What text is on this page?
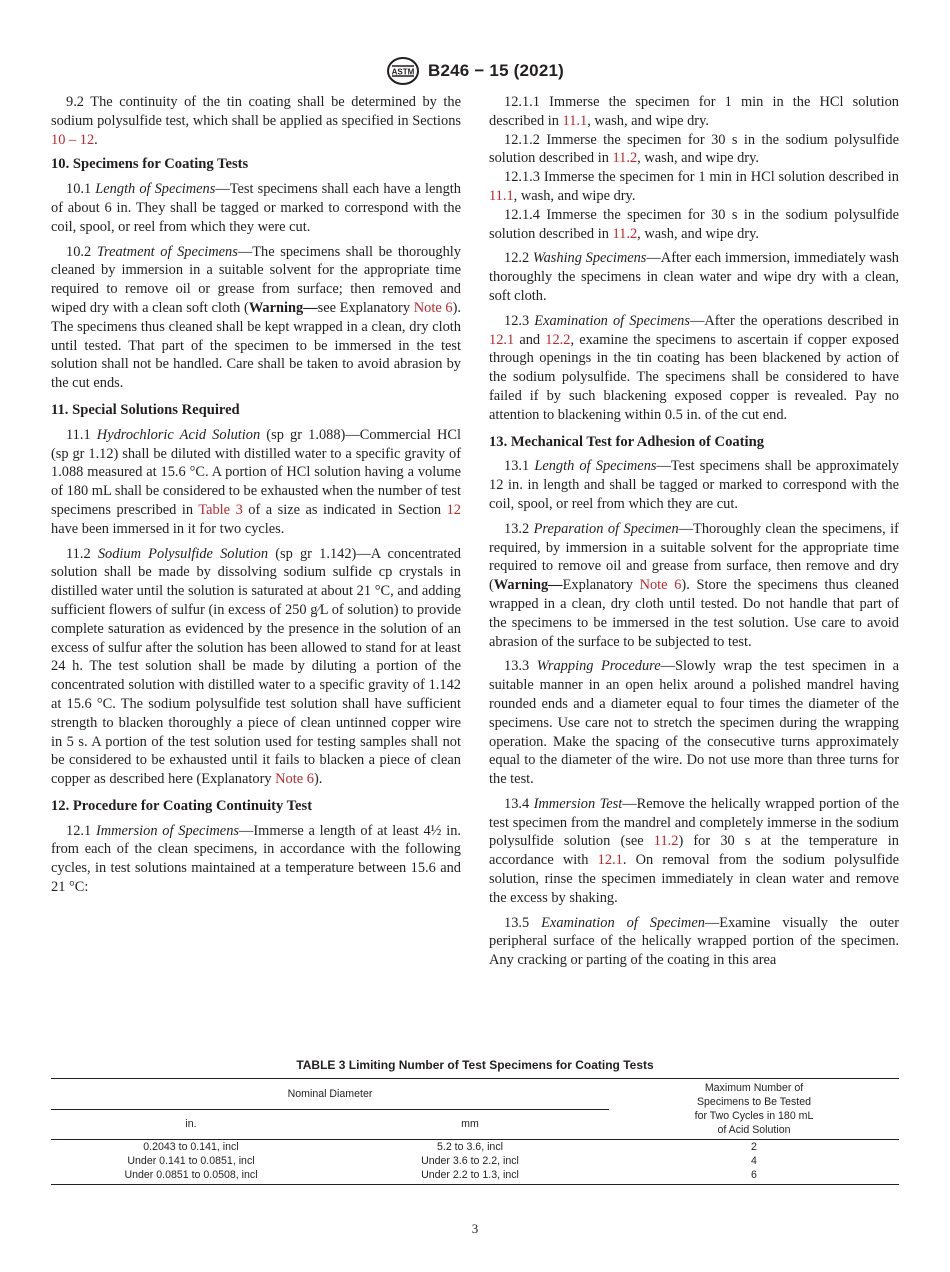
ASTM B246 − 15 (2021)

9.2 The continuity of the tin coating shall be determined by the sodium polysulfide test, which shall be applied as specified in Sections 10 – 12.

10. Specimens for Coating Tests

10.1 Length of Specimens—Test specimens shall each have a length of about 6 in. They shall be tagged or marked to correspond with the coil, spool, or reel from which they were cut.

10.2 Treatment of Specimens—The specimens shall be thoroughly cleaned by immersion in a suitable solvent for the appropriate time required to remove oil or grease from surface; then removed and wiped dry with a clean soft cloth (Warning—see Explanatory Note 6). The specimens thus cleaned shall be kept wrapped in a clean, dry cloth until tested. That part of the specimen to be immersed in the test solution shall not be handled. Care shall be taken to avoid abrasion by the cut ends.

11. Special Solutions Required

11.1 Hydrochloric Acid Solution (sp gr 1.088)—Commercial HCl (sp gr 1.12) shall be diluted with distilled water to a specific gravity of 1.088 measured at 15.6 °C. A portion of HCl solution having a volume of 180 mL shall be considered to be exhausted when the number of test specimens prescribed in Table 3 of a size as indicated in Section 12 have been immersed in it for two cycles.

11.2 Sodium Polysulfide Solution (sp gr 1.142)—A concentrated solution shall be made by dissolving sodium sulfide cp crystals in distilled water until the solution is saturated at about 21 °C, and adding sufficient flowers of sulfur (in excess of 250 g⁄L of solution) to provide complete saturation as evidenced by the presence in the solution of an excess of sulfur after the solution has been allowed to stand for at least 24 h. The test solution shall be made by diluting a portion of the concentrated solution with distilled water to a specific gravity of 1.142 at 15.6 °C. The sodium polysulfide test solution shall have sufficient strength to blacken thoroughly a piece of clean untinned copper wire in 5 s. A portion of the test solution used for testing samples shall not be considered to be exhausted until it fails to blacken a piece of clean copper as described here (Explanatory Note 6).

12. Procedure for Coating Continuity Test

12.1 Immersion of Specimens—Immerse a length of at least 4½ in. from each of the clean specimens, in accordance with the following cycles, in test solutions maintained at a temperature between 15.6 and 21 °C:

12.1.1 Immerse the specimen for 1 min in the HCl solution described in 11.1, wash, and wipe dry.

12.1.2 Immerse the specimen for 30 s in the sodium polysulfide solution described in 11.2, wash, and wipe dry.

12.1.3 Immerse the specimen for 1 min in HCl solution described in 11.1, wash, and wipe dry.

12.1.4 Immerse the specimen for 30 s in the sodium polysulfide solution described in 11.2, wash, and wipe dry.

12.2 Washing Specimens—After each immersion, immediately wash thoroughly the specimens in clean water and wipe dry with a clean, soft cloth.

12.3 Examination of Specimens—After the operations described in 12.1 and 12.2, examine the specimens to ascertain if copper exposed through openings in the tin coating has been blackened by action of the sodium polysulfide. The specimens shall be considered to have failed if by such blackening exposed copper is revealed. Pay no attention to blackening within 0.5 in. of the cut end.

13. Mechanical Test for Adhesion of Coating

13.1 Length of Specimens—Test specimens shall be approximately 12 in. in length and shall be tagged or marked to correspond with the coil, spool, or reel from which they are cut.

13.2 Preparation of Specimen—Thoroughly clean the specimens, if required, by immersion in a suitable solvent for the appropriate time required to remove oil and grease from surface, then remove and dry (Warning—Explanatory Note 6). Store the specimens thus cleaned wrapped in a clean, dry cloth until tested. Do not handle that part of the specimens to be immersed in the test solution. Use care to avoid abrasion of the surface to be subjected to test.

13.3 Wrapping Procedure—Slowly wrap the test specimen in a suitable manner in an open helix around a polished mandrel having rounded ends and a diameter equal to four times the diameter of the specimens. Use care not to stretch the specimen during the wrapping operation. Make the spacing of the consecutive turns approximately equal to the diameter of the wire. Do not use more than three turns for the test.

13.4 Immersion Test—Remove the helically wrapped portion of the test specimen from the mandrel and completely immerse in the sodium polysulfide solution (see 11.2) for 30 s at the temperature in accordance with 12.1. On removal from the sodium polysulfide solution, rinse the specimen immediately in clean water and remove the excess by shaking.

13.5 Examination of Specimen—Examine visually the outer peripheral surface of the helically wrapped portion of the specimen. Any cracking or parting of the coating in this area

TABLE 3 Limiting Number of Test Specimens for Coating Tests
Nominal Diameter		Maximum Number of
Specimens to Be Tested
for Two Cycles in 180 mL
of Acid Solution

in.	mm	
0.2043 to 0.141, incl	5.2 to 3.6, incl	2
Under 0.141 to 0.0851, incl	Under 3.6 to 2.2, incl	4
Under 0.0851 to 0.0508, incl	Under 2.2 to 1.3, incl	6
3
